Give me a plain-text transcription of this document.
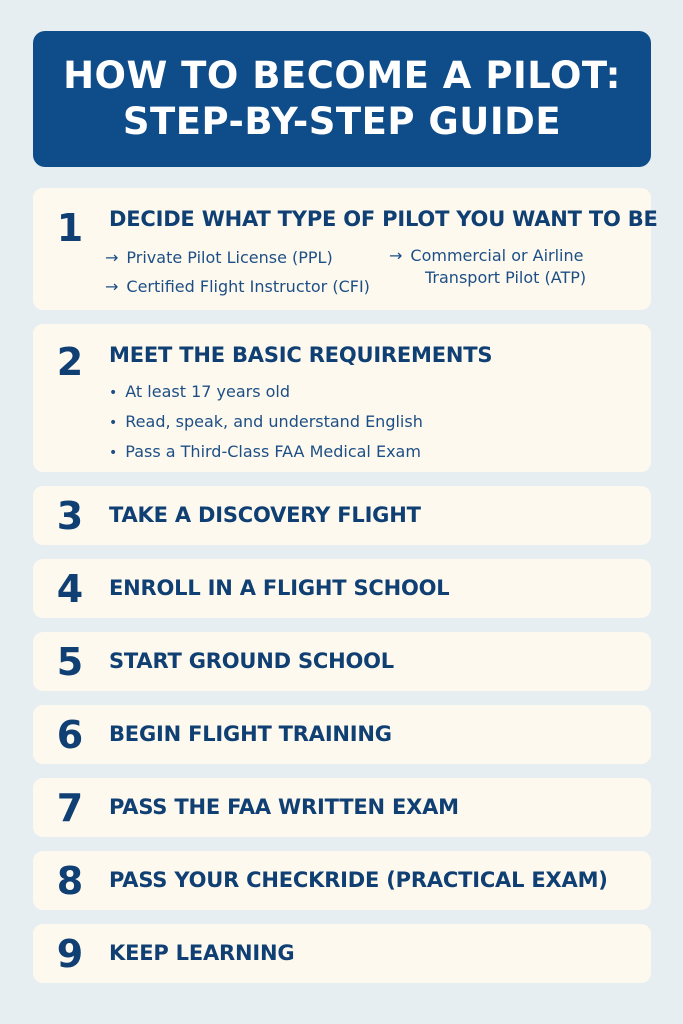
HOW TO BECOME A PILOT:
STEP-BY-STEP GUIDE
1 DECIDE WHAT TYPE OF PILOT YOU WANT TO BE
→ Private Pilot License (PPL)	→ Commercial or Airline
Transport Pilot (ATP)
→ Certified Flight Instructor (CFI)
2 MEET THE BASIC REQUIREMENTS
• At least 17 years old
• Read, speak, and understand English
• Pass a Third-Class FAA Medical Exam
3 TAKE A DISCOVERY FLIGHT
4 ENROLL IN A FLIGHT SCHOOL
5 START GROUND SCHOOL
6 BEGIN FLIGHT TRAINING
7 PASS THE FAA WRITTEN EXAM
8 PASS YOUR CHECKRIDE (PRACTICAL EXAM)
9 KEEP LEARNING
